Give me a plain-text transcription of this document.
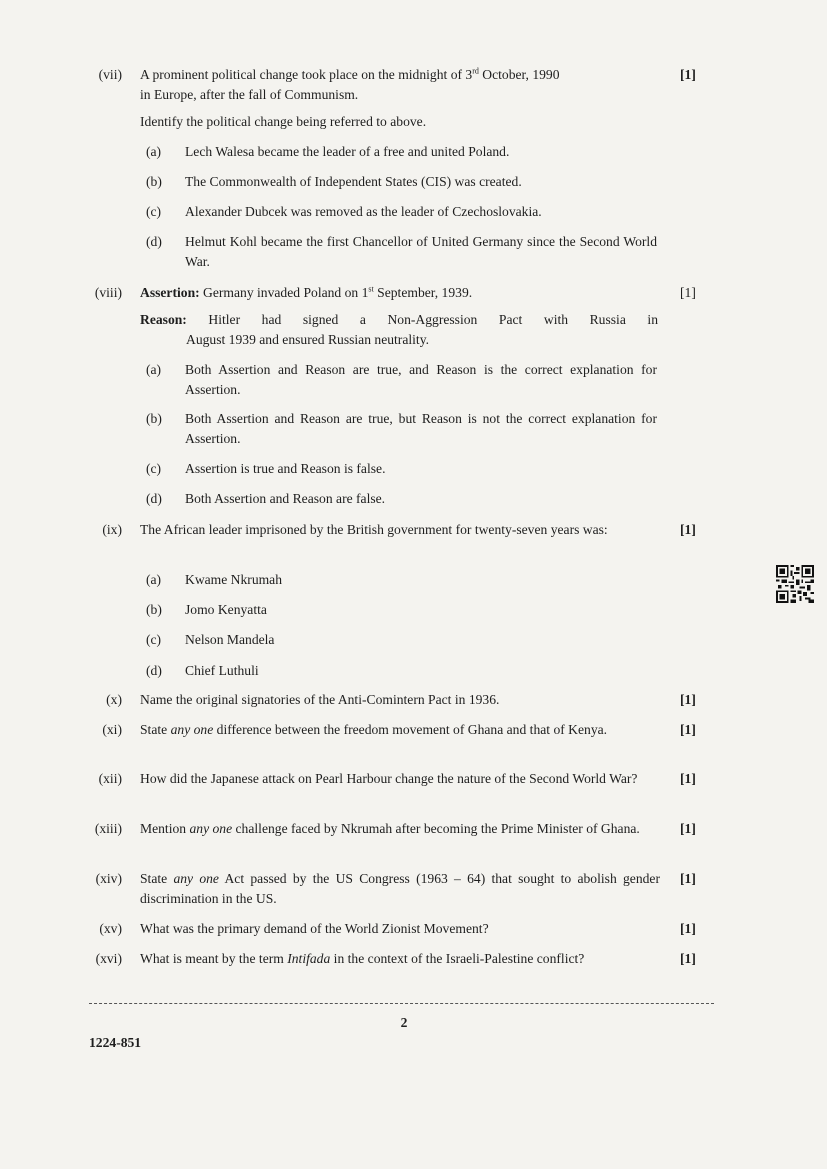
(vii) A prominent political change took place on the midnight of 3rd October, 1990
in Europe, after the fall of Communism.
[1]
Identify the political change being referred to above.
(a) Lech Walesa became the leader of a free and united Poland.
(b) The Commonwealth of Independent States (CIS) was created.
(c) Alexander Dubcek was removed as the leader of Czechoslovakia.
(d) Helmut Kohl became the first Chancellor of United Germany since the Second World War.
(viii) Assertion: Germany invaded Poland on 1st September, 1939.	[1]
Reason: Hitler had signed a Non-Aggression Pact with Russia in
August 1939 and ensured Russian neutrality.
(a) Both Assertion and Reason are true, and Reason is the correct explanation for Assertion.
(b) Both Assertion and Reason are true, but Reason is not the correct explanation for Assertion.
(c) Assertion is true and Reason is false.
(d) Both Assertion and Reason are false.
(ix) The African leader imprisoned by the British government for twenty-seven years was:	[1]
(a) Kwame Nkrumah
(b) Jomo Kenyatta
(c) Nelson Mandela
(d) Chief Luthuli
(x) Name the original signatories of the Anti-Comintern Pact in 1936.	[1]
(xi) State any one difference between the freedom movement of Ghana and that of Kenya.	[1]
(xii) How did the Japanese attack on Pearl Harbour change the nature of the Second World War?	[1]
(xiii) Mention any one challenge faced by Nkrumah after becoming the Prime Minister of Ghana.	[1]
(xiv) State any one Act passed by the US Congress (1963 – 64) that sought to abolish gender discrimination in the US.
[1]
(xv) What was the primary demand of the World Zionist Movement?	[1]
(xvi) What is meant by the term Intifada in the context of the Israeli-Palestine conflict?	[1]
2
1224-851
